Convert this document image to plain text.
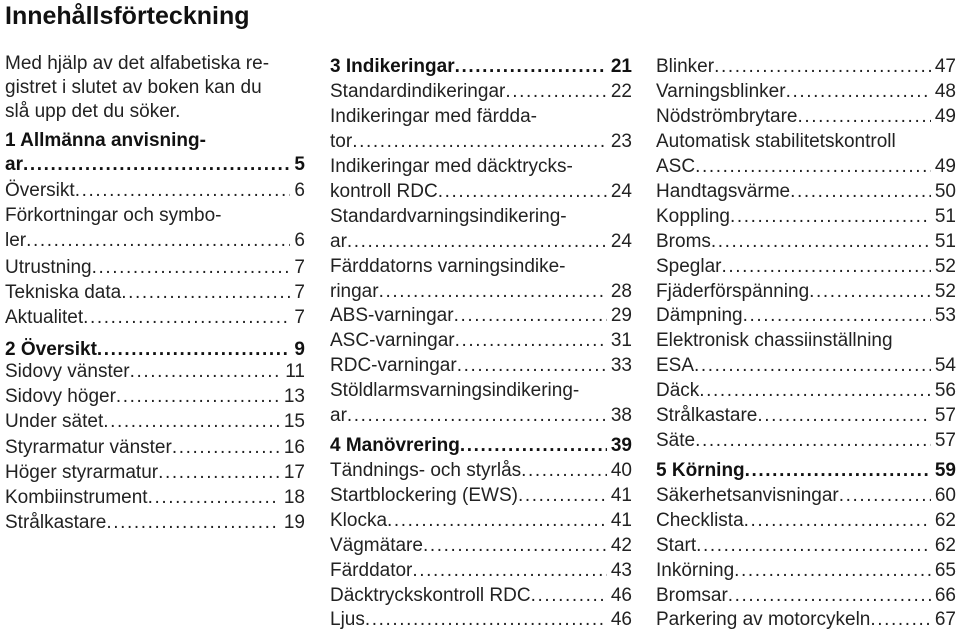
Innehållsförteckning
Med hjälp av det alfabetiska re-
gistret i slutet av boken kan du
slå upp det du söker.
1 Allmänna anvisning-
ar .....	5
Översikt .....	6
Förkortningar och symbo-
ler .....	6
Utrustning .....	7
Tekniska data .....	7
Aktualitet .....	7
2 Översikt .....	9
Sidovy vänster .....	11
Sidovy höger .....	13
Under sätet .....	15
Styrarmatur vänster .....	16
Höger styrarmatur .....	17
Kombiinstrument .....	18
Strålkastare .....	19
3 Indikeringar .....	21
Standardindikeringar .....	22
Indikeringar med färdda-
tor .....	23
Indikeringar med däcktrycks-
kontroll RDC .....	24
Standardvarningsindikering-
ar .....	24
Färddatorns varningsindike-
ringar .....	28
ABS-varningar .....	29
ASC-varningar .....	31
RDC-varningar .....	33
Stöldlarmsvarningsindikering-
ar .....	38
4 Manövrering .....	39
Tändnings- och styrlås .....	40
Startblockering (EWS) .....	41
Klocka .....	41
Vägmätare .....	42
Färddator .....	43
Däcktryckskontroll RDC .....	46
Ljus .....	46
Blinker .....	47
Varningsblinker .....	48
Nödströmbrytare .....	49
Automatisk stabilitetskontroll
ASC .....	49
Handtagsvärme .....	50
Koppling .....	51
Broms .....	51
Speglar .....	52
Fjäderförspänning .....	52
Dämpning .....	53
Elektronisk chassiinställning
ESA .....	54
Däck .....	56
Strålkastare .....	57
Säte .....	57
5 Körning .....	59
Säkerhetsanvisningar .....	60
Checklista .....	62
Start .....	62
Inkörning .....	65
Bromsar .....	66
Parkering av motorcykeln .....	67
